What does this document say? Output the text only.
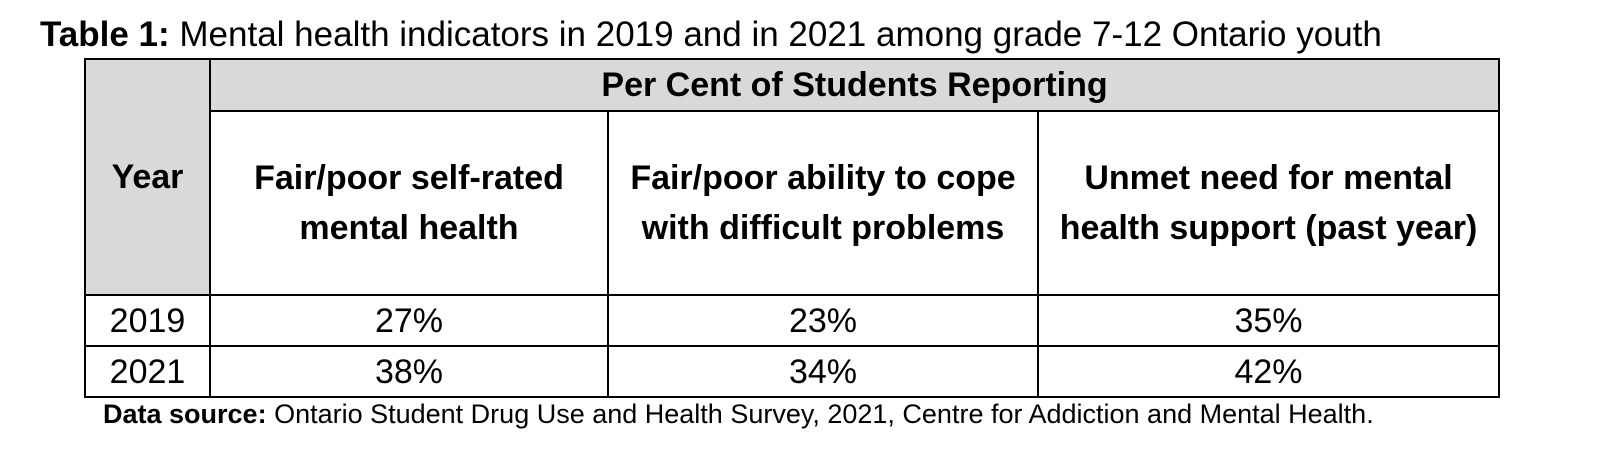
Table 1: Mental health indicators in 2019 and in 2021 among grade 7-12 Ontario youth
Year	Per Cent of Students Reporting		

	Fair/poor self-rated mental health	Fair/poor ability to cope with difficult problems	Unmet need for mental health support (past year)

2019	27%	23%	35%
2021	38%	34%	42%
Data source: Ontario Student Drug Use and Health Survey, 2021, Centre for Addiction and Mental Health.
